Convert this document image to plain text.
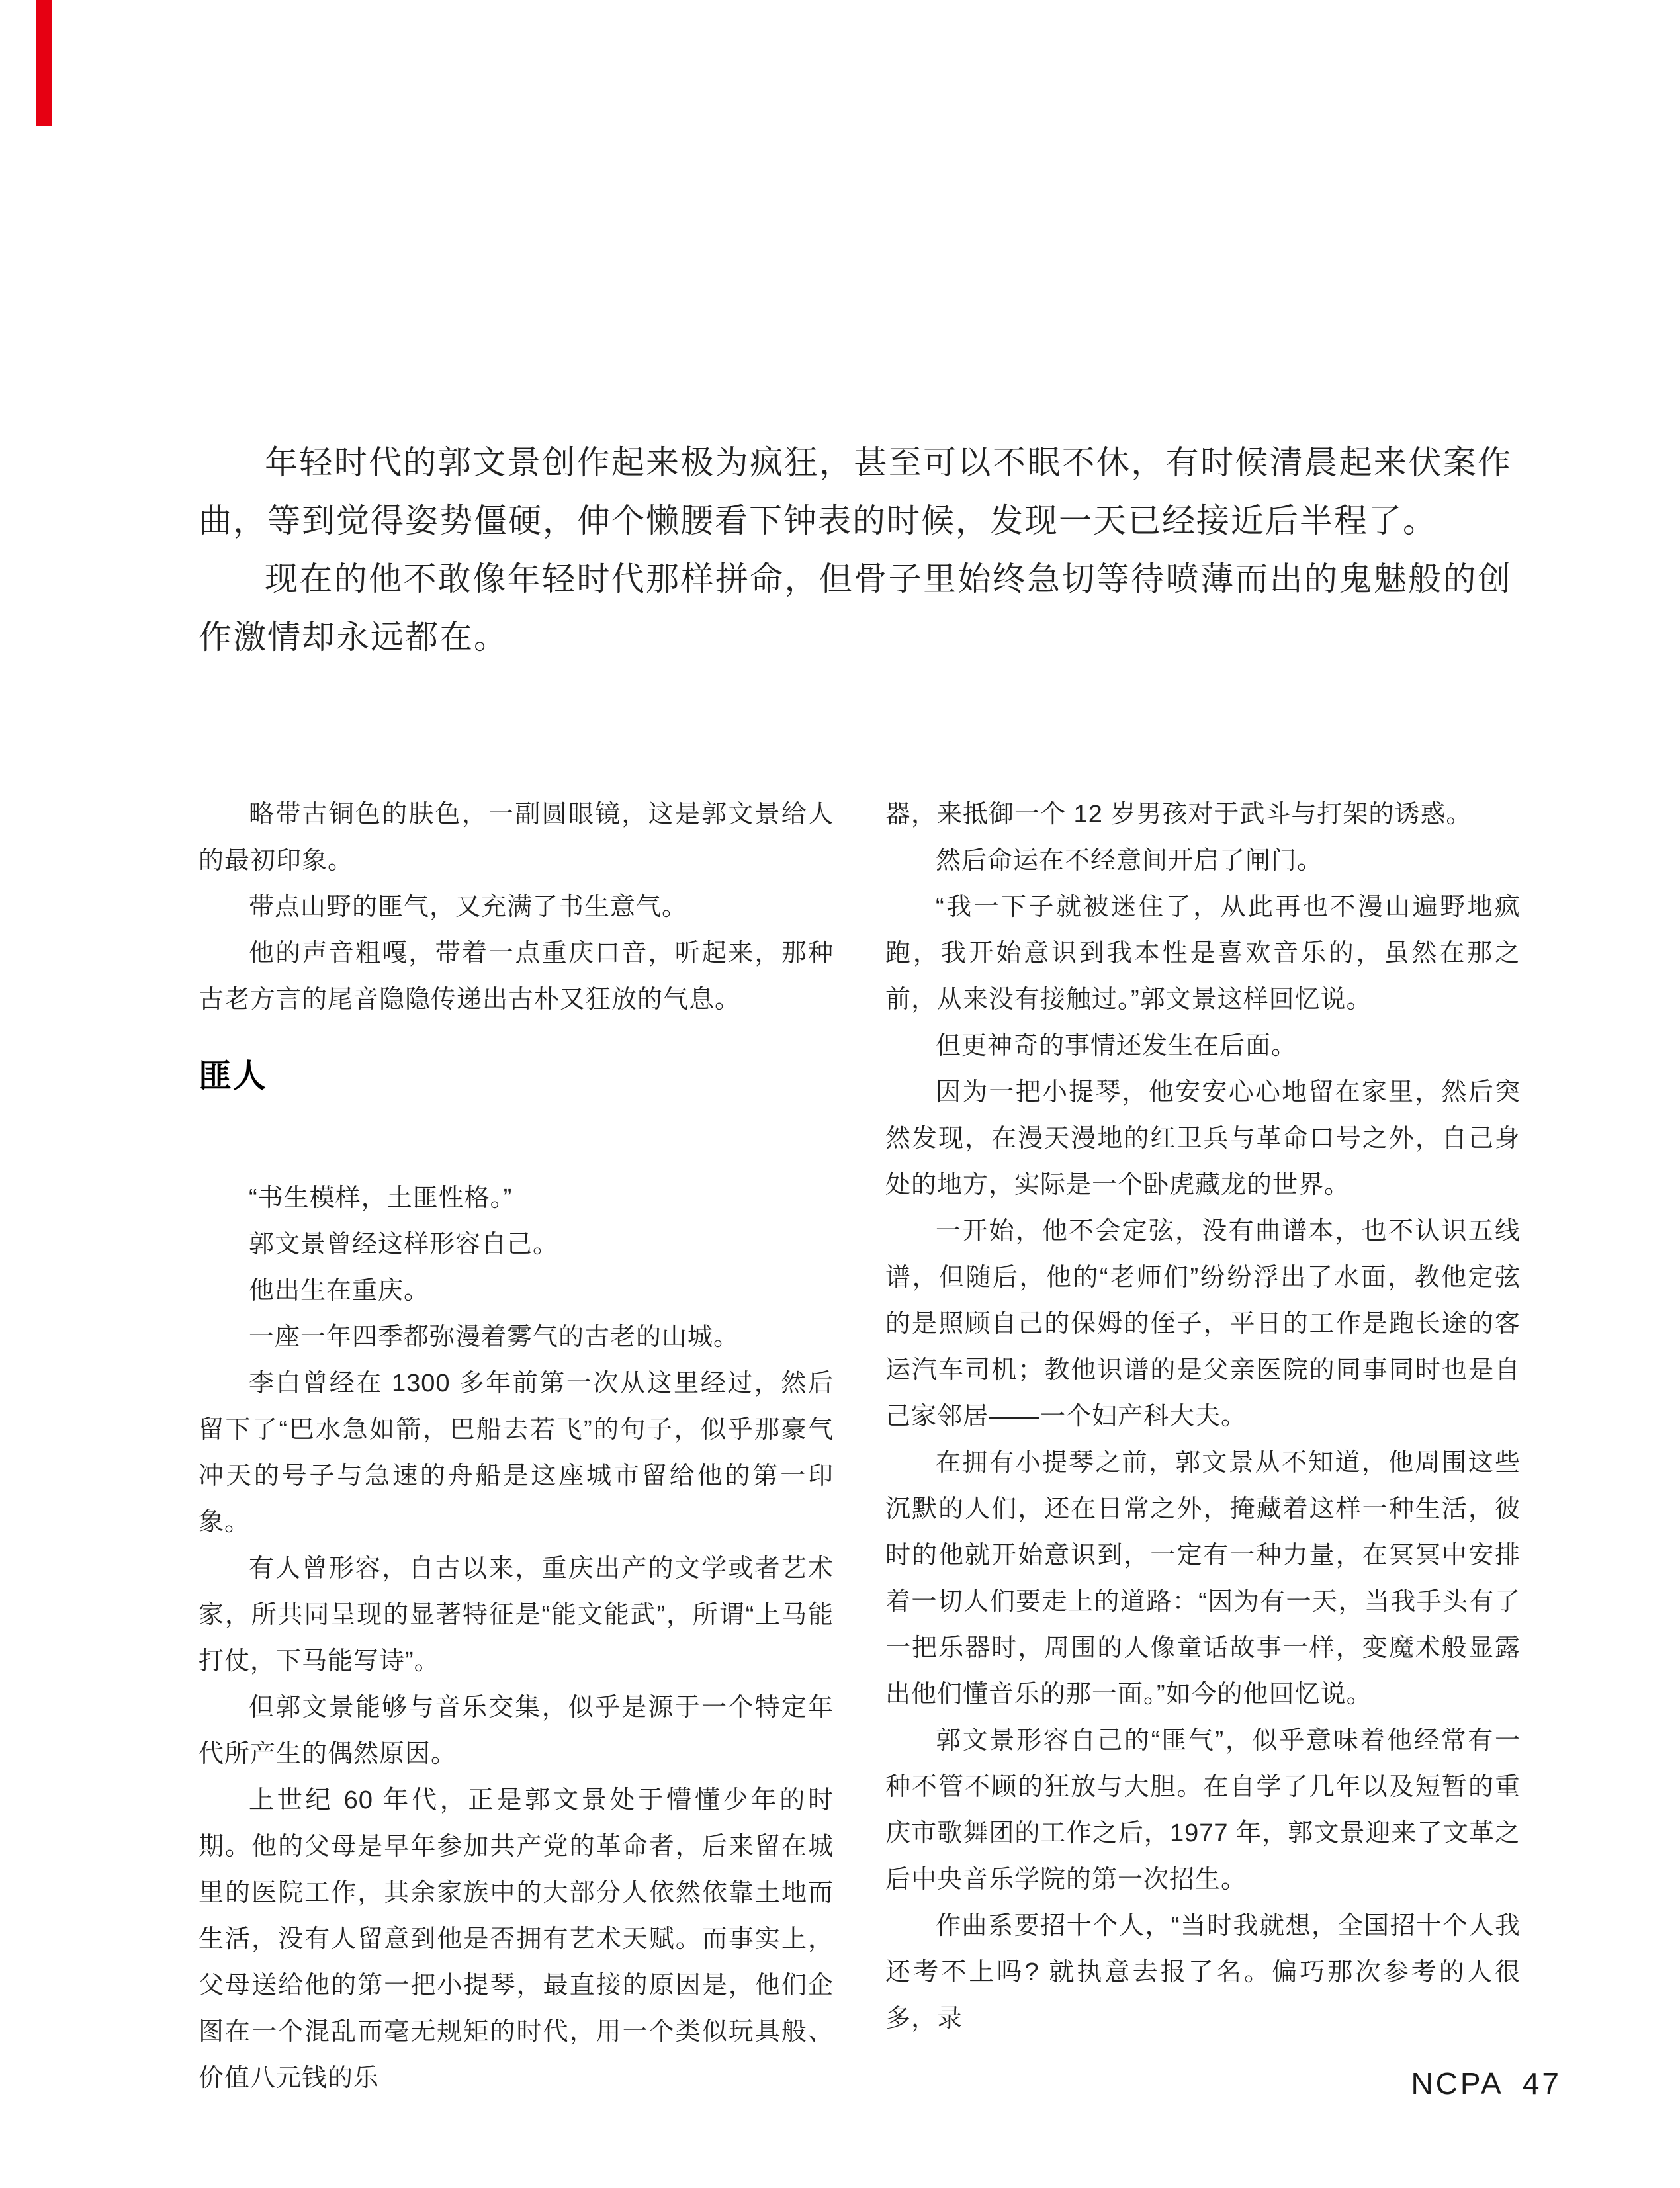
年轻时代的郭文景创作起来极为疯狂，甚至可以不眠不休，有时候清晨起来伏案作曲，等到觉得姿势僵硬，伸个懒腰看下钟表的时候，发现一天已经接近后半程了。

现在的他不敢像年轻时代那样拼命，但骨子里始终急切等待喷薄而出的鬼魅般的创作激情却永远都在。

略带古铜色的肤色，一副圆眼镜，这是郭文景给人的最初印象。

带点山野的匪气，又充满了书生意气。

他的声音粗嘎，带着一点重庆口音，听起来，那种古老方言的尾音隐隐传递出古朴又狂放的气息。

匪人

“书生模样，土匪性格。”

郭文景曾经这样形容自己。

他出生在重庆。

一座一年四季都弥漫着雾气的古老的山城。

李白曾经在 1300 多年前第一次从这里经过，然后留下了“巴水急如箭，巴船去若飞”的句子，似乎那豪气冲天的号子与急速的舟船是这座城市留给他的第一印象。

有人曾形容，自古以来，重庆出产的文学或者艺术家，所共同呈现的显著特征是“能文能武”，所谓“上马能打仗，下马能写诗”。

但郭文景能够与音乐交集，似乎是源于一个特定年代所产生的偶然原因。

上世纪 60 年代，正是郭文景处于懵懂少年的时期。他的父母是早年参加共产党的革命者，后来留在城里的医院工作，其余家族中的大部分人依然依靠土地而生活，没有人留意到他是否拥有艺术天赋。而事实上，父母送给他的第一把小提琴，最直接的原因是，他们企图在一个混乱而毫无规矩的时代，用一个类似玩具般、价值八元钱的乐

器，来抵御一个 12 岁男孩对于武斗与打架的诱惑。

然后命运在不经意间开启了闸门。

“我一下子就被迷住了，从此再也不漫山遍野地疯跑，我开始意识到我本性是喜欢音乐的，虽然在那之前，从来没有接触过。”郭文景这样回忆说。

但更神奇的事情还发生在后面。

因为一把小提琴，他安安心心地留在家里，然后突然发现，在漫天漫地的红卫兵与革命口号之外，自己身处的地方，实际是一个卧虎藏龙的世界。

一开始，他不会定弦，没有曲谱本，也不认识五线谱，但随后，他的“老师们”纷纷浮出了水面，教他定弦的是照顾自己的保姆的侄子，平日的工作是跑长途的客运汽车司机；教他识谱的是父亲医院的同事同时也是自己家邻居——一个妇产科大夫。

在拥有小提琴之前，郭文景从不知道，他周围这些沉默的人们，还在日常之外，掩藏着这样一种生活，彼时的他就开始意识到，一定有一种力量，在冥冥中安排着一切人们要走上的道路：“因为有一天，当我手头有了一把乐器时，周围的人像童话故事一样，变魔术般显露出他们懂音乐的那一面。”如今的他回忆说。

郭文景形容自己的“匪气”，似乎意味着他经常有一种不管不顾的狂放与大胆。在自学了几年以及短暂的重庆市歌舞团的工作之后，1977 年，郭文景迎来了文革之后中央音乐学院的第一次招生。

作曲系要招十个人，“当时我就想，全国招十个人我还考不上吗? 就执意去报了名。偏巧那次参考的人很多，录

NCPA 47
